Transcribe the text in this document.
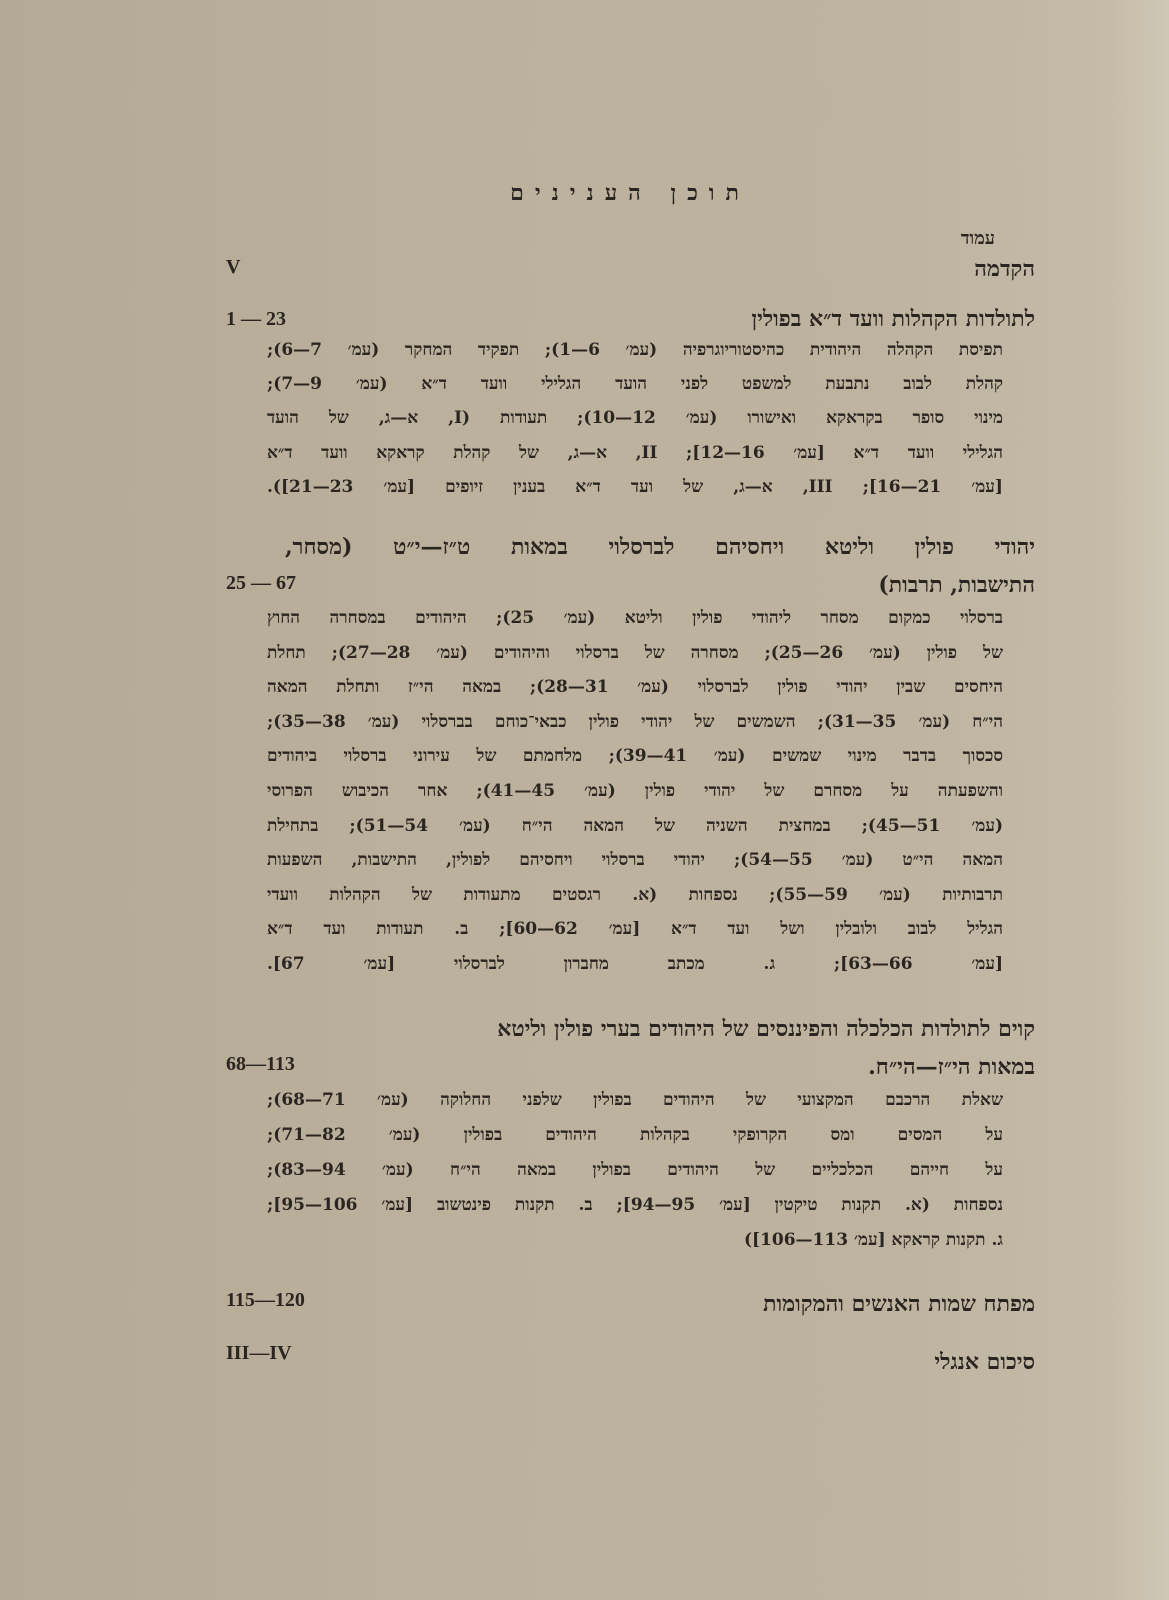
תוכן הענינים
עמוד
הקדמה
V
לתולדות הקהלות וועד ד״א בפולין
1 — 23
תפיסת הקהלה היהודית כהיסטוריוגרפיה (עמ׳ 6—1); תפקיד המחקר (עמ׳ 7—6);
קהלת לבוב נתבעת למשפט לפני הועד הגלילי וועד ד״א (עמ׳ 9—7);
מינוי סופר בקראקא ואישורו (עמ׳ 12—10); תעודות (I, א—ג, של הועד
הגלילי וועד ד״א [עמ׳ 16—12]; II, א—ג, של קהלת קראקא וועד ד״א
[עמ׳ 21—16]; III, א—ג, של ועד ד״א בענין זיופים [עמ׳ 23—21]).
יהודי פולין וליטא ויחסיהם לברסלוי במאות ט״ז—י״ט (מסחר,
התישבות, תרבות)
25 — 67
ברסלוי כמקום מסחר ליהודי פולין וליטא (עמ׳ 25); היהודים במסחרה החוץ
של פולין (עמ׳ 26—25); מסחרה של ברסלוי והיהודים (עמ׳ 28—27); תחלת
היחסים שבין יהודי פולין לברסלוי (עמ׳ 31—28); במאה הי״ז ותחלת המאה
הי״ח (עמ׳ 35—31); השמשים של יהודי פולין כבאי־כוחם בברסלוי (עמ׳ 38—35);
סכסוך בדבר מינוי שמשים (עמ׳ 41—39); מלחמתם של עירוני ברסלוי ביהודים
והשפעתה על מסחרם של יהודי פולין (עמ׳ 45—41); אחר הכיבוש הפרוסי
(עמ׳ 51—45); במחצית השניה של המאה הי״ח (עמ׳ 54—51); בתחילת
המאה הי״ט (עמ׳ 55—54); יהודי ברסלוי ויחסיהם לפולין, התישבות, השפעות
תרבותיות (עמ׳ 59—55); נספחות (א. רגסטים מתעודות של הקהלות וועדי
הגליל לבוב ולובלין ושל ועד ד״א [עמ׳ 62—60]; ב. תעודות ועד ד״א
[עמ׳ 66—63]; ג. מכתב מחברון לברסלוי [עמ׳ 67].
קוים לתולדות הכלכלה והפיננסים של היהודים בערי פולין וליטא
במאות הי״ז—הי״ח.
68—113
שאלת הרכבם המקצועי של היהודים בפולין שלפני החלוקה (עמ׳ 71—68);
על המסים ומס הקרופקי בקהלות היהודים בפולין (עמ׳ 82—71);
על חייהם הכלכליים של היהודים בפולין במאה הי״ח (עמ׳ 94—83);
נספחות (א. תקנות טיקטין [עמ׳ 95—94]; ב. תקנות פינטשוב [עמ׳ 106—95];
ג. תקנות קראקא [עמ׳ 113—106])
מפתח שמות האנשים והמקומות
115—120
סיכום אנגלי
III—IV
